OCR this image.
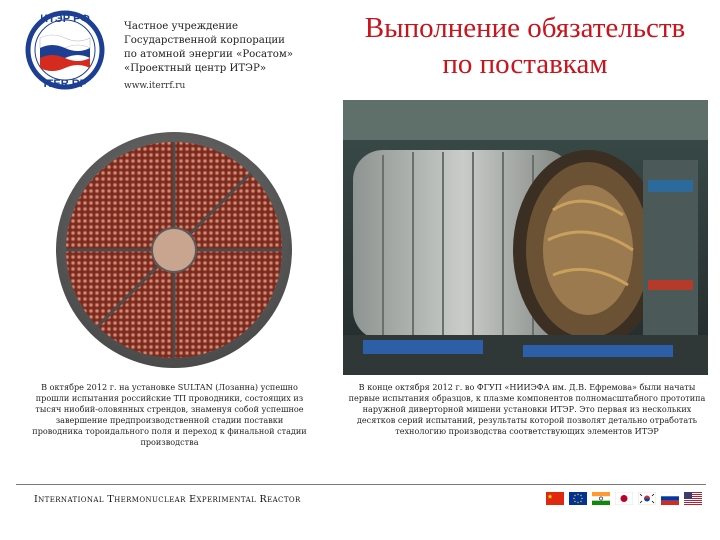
ИТЭР РФ
ITER RF
Частное учреждение
Государственной корпорации
по атомной энергии «Росатом»
«Проектный центр ИТЭР»
www.iterrf.ru
Выполнение обязательств
по поставкам
В октябре 2012 г. на установке SULTAN (Лозанна) успешно прошли испытания российские ТП проводники, состоящих из тысяч ниобий-оловянных стрендов, знаменуя собой успешное завершение предпроизводственной стадии поставки проводника тороидального поля и переход к финальной стадии производства
В конце октября 2012 г. во ФГУП «НИИЭФА им. Д.В. Ефремова» были начаты первые испытания образцов, к плазме компонентов полномасштабного прототипа наружной диверторной мишени установки ИТЭР. Это первая из нескольких десятков серий испытаний, результаты которой позволят детально отработать технологию производства соответствующих элементов ИТЭР
International Thermonuclear Experimental Reactor
